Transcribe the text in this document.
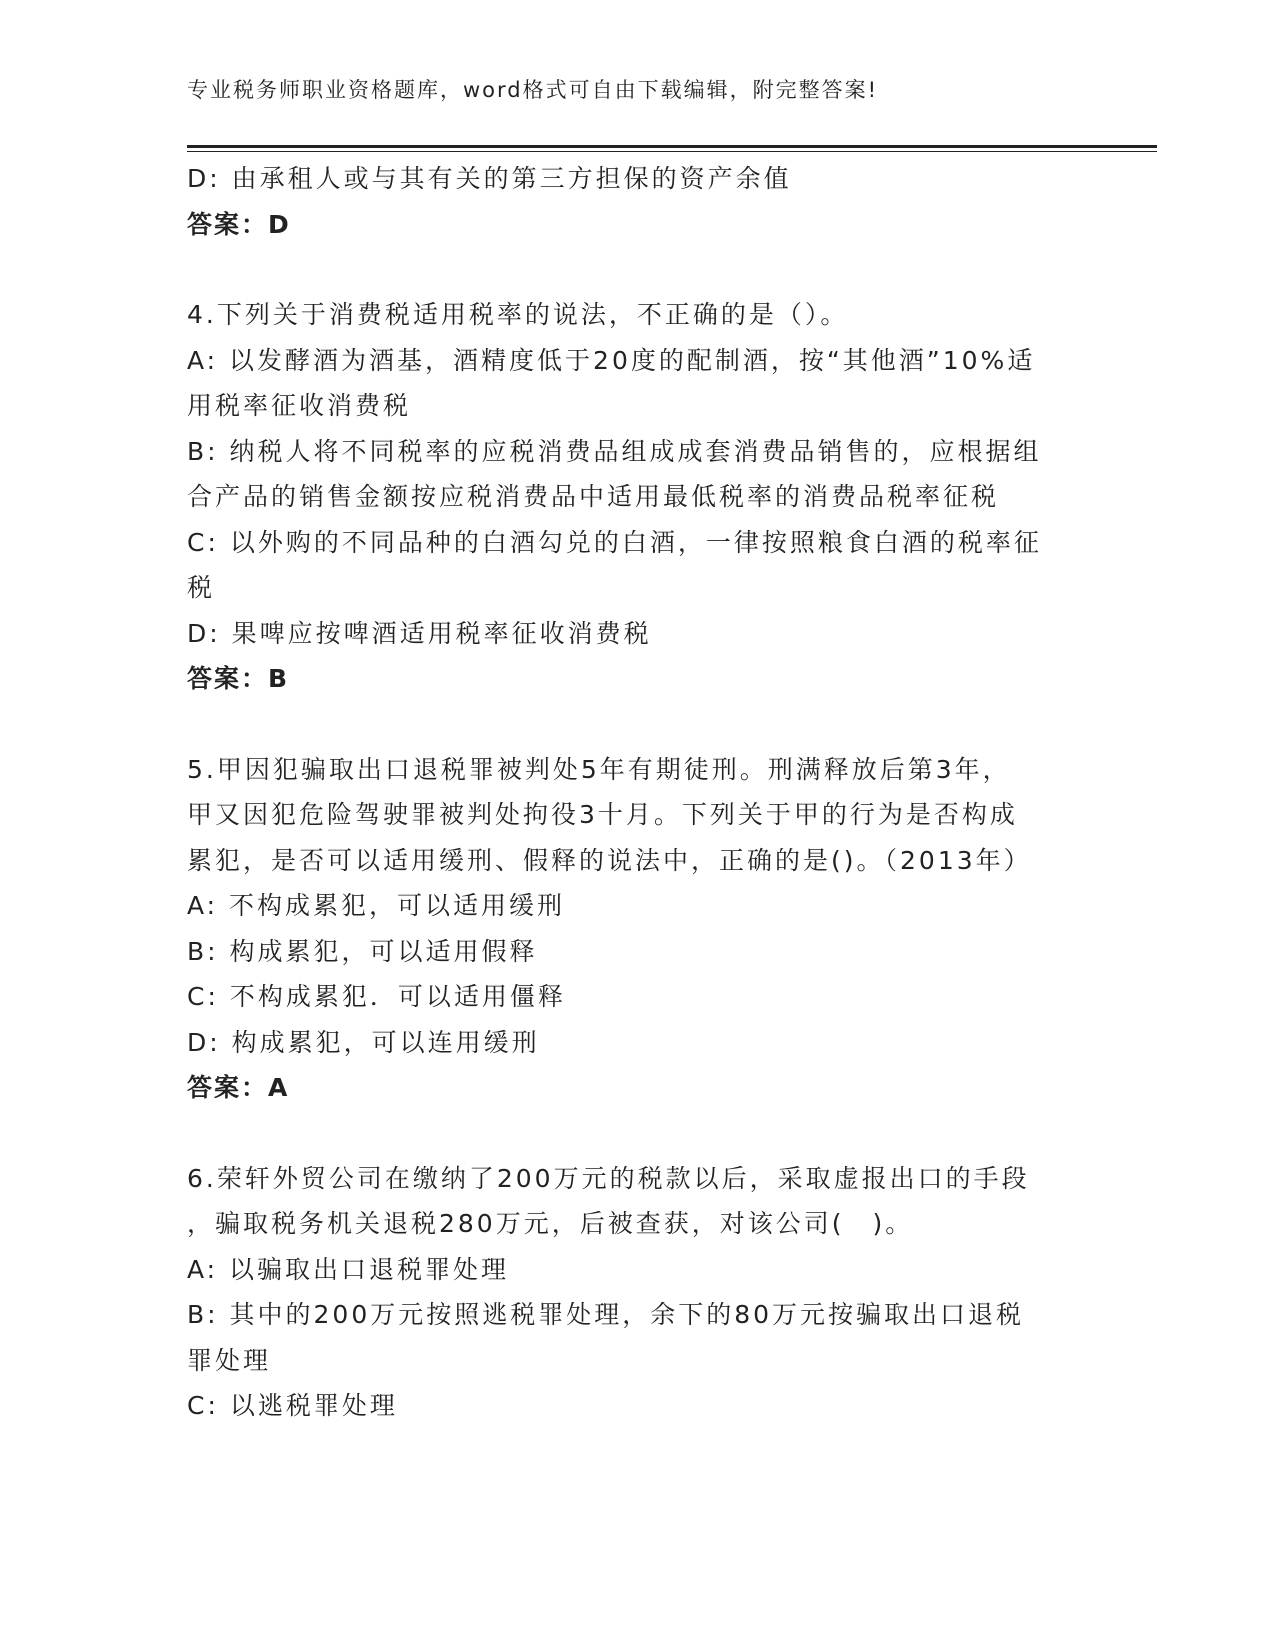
专业税务师职业资格题库，word格式可自由下载编辑，附完整答案!
D: 由承租人或与其有关的第三方担保的资产余值
答案：D
4.下列关于消费税适用税率的说法，不正确的是（）。
A: 以发酵酒为酒基，酒精度低于20度的配制酒，按“其他酒”10%适
用税率征收消费税
B: 纳税人将不同税率的应税消费品组成成套消费品销售的，应根据组
合产品的销售金额按应税消费品中适用最低税率的消费品税率征税
C: 以外购的不同品种的白酒勾兑的白酒，一律按照粮食白酒的税率征
税
D: 果啤应按啤酒适用税率征收消费税
答案：B
5.甲因犯骗取出口退税罪被判处5年有期徒刑。刑满释放后第3年，
甲又因犯危险驾驶罪被判处拘役3十月。下列关于甲的行为是否构成
累犯，是否可以适用缓刑、假释的说法中，正确的是()。（2013年）
A: 不构成累犯，可以适用缓刑
B: 构成累犯，可以适用假释
C: 不构成累犯．可以适用僵释
D: 构成累犯，可以连用缓刑
答案：A
6.荣轩外贸公司在缴纳了200万元的税款以后，采取虚报出口的手段
，骗取税务机关退税280万元，后被查获，对该公司(　)。
A: 以骗取出口退税罪处理
B: 其中的200万元按照逃税罪处理，余下的80万元按骗取出口退税
罪处理
C: 以逃税罪处理
